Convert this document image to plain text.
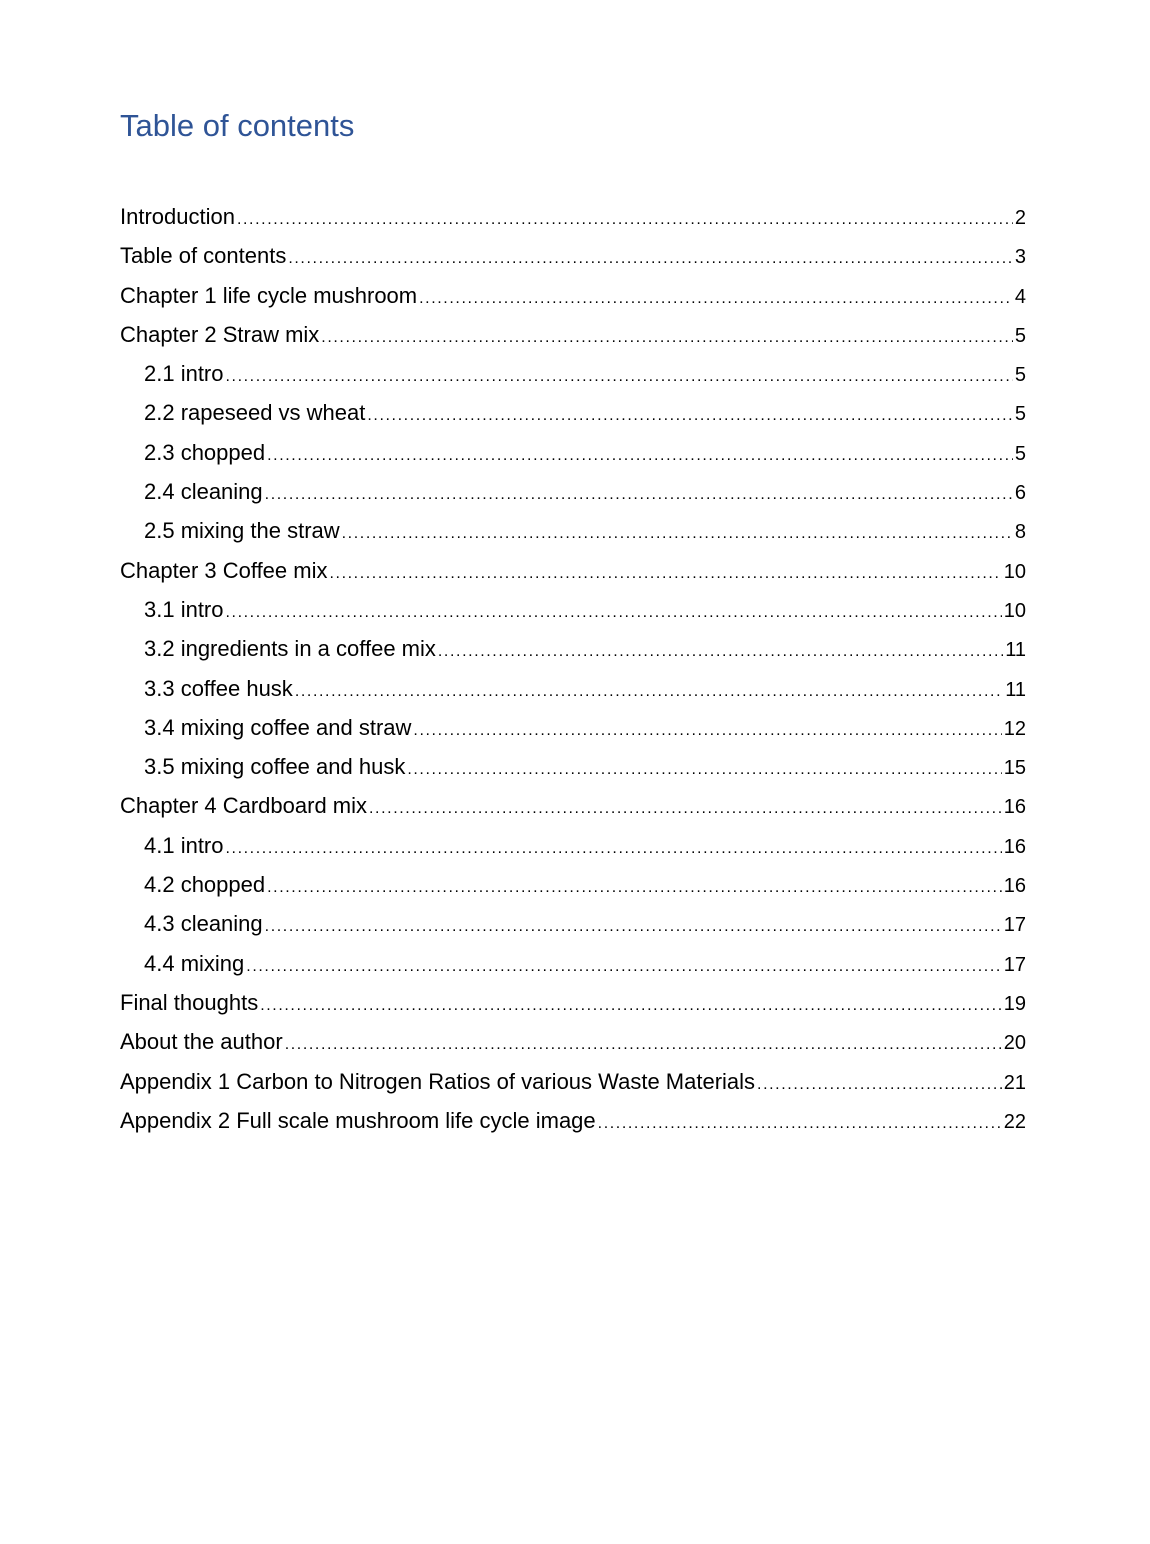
Table of contents
Introduction .....	2
Table of contents .....	3
Chapter 1 life cycle mushroom .....	4
Chapter 2 Straw mix .....	5
2.1 intro .....	5
2.2 rapeseed vs wheat .....	5
2.3 chopped .....	5
2.4 cleaning .....	6
2.5 mixing the straw .....	8
Chapter 3 Coffee mix .....	10
3.1 intro .....	10
3.2 ingredients in a coffee mix .....	11
3.3 coffee husk .....	11
3.4 mixing coffee and straw .....	12
3.5 mixing coffee and husk .....	15
Chapter 4 Cardboard mix .....	16
4.1 intro .....	16
4.2 chopped .....	16
4.3 cleaning .....	17
4.4 mixing .....	17
Final thoughts .....	19
About the author .....	20
Appendix 1 Carbon to Nitrogen Ratios of various Waste Materials .....	21
Appendix 2 Full scale mushroom life cycle image .....	22
